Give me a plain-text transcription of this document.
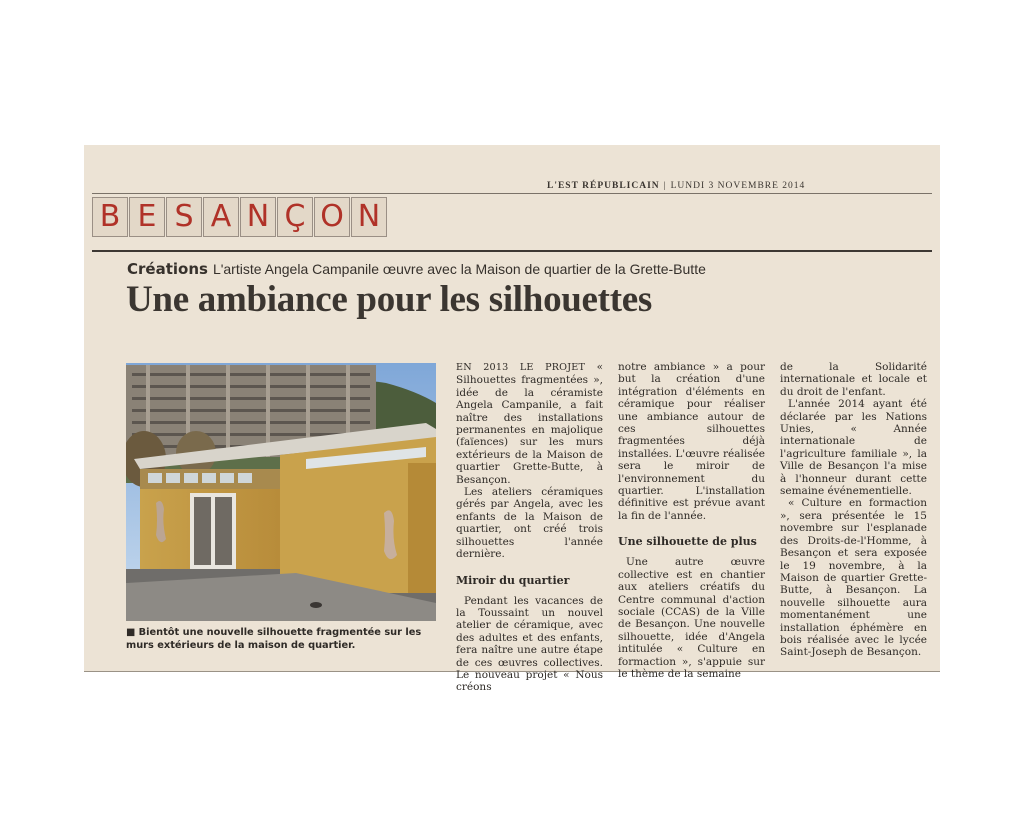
L'EST RÉPUBLICAIN | LUNDI 3 NOVEMBRE 2014
B E S A N Ç O N
Créations L'artiste Angela Campanile œuvre avec la Maison de quartier de la Grette-Butte
Une ambiance pour les silhouettes
■ Bientôt une nouvelle silhouette fragmentée sur les murs extérieurs de la maison de quartier.

EN 2013 LE PROJET « Silhouettes fragmentées », idée de la céramiste Angela Campanile, a fait naître des installations permanentes en majolique (faïences) sur les murs extérieurs de la Maison de quartier Grette-Butte, à Besançon.

Les ateliers céramiques gérés par Angela, avec les enfants de la Maison de quartier, ont créé trois silhouettes l'année dernière.

Miroir du quartier

Pendant les vacances de la Toussaint un nouvel atelier de céramique, avec des adultes et des enfants, fera naître une autre étape de ces œuvres collectives. Le nouveau projet « Nous créons

notre ambiance » a pour but la création d'une intégration d'éléments en céramique pour réaliser une ambiance autour de ces silhouettes fragmentées déjà installées. L'œuvre réalisée sera le miroir de l'environnement du quartier. L'installation définitive est prévue avant la fin de l'année.

Une silhouette de plus

Une autre œuvre collective est en chantier aux ateliers créatifs du Centre communal d'action sociale (CCAS) de la Ville de Besançon. Une nouvelle silhouette, idée d'Angela intitulée « Culture en formaction », s'appuie sur le thème de la semaine

de la Solidarité internationale et locale et du droit de l'enfant.

L'année 2014 ayant été déclarée par les Nations Unies, « Année internationale de l'agriculture familiale », la Ville de Besançon l'a mise à l'honneur durant cette semaine événementielle.

« Culture en formaction », sera présentée le 15 novembre sur l'esplanade des Droits-de-l'Homme, à Besançon et sera exposée le 19 novembre, à la Maison de quartier Grette-Butte, à Besançon. La nouvelle silhouette aura momentanément une installation éphémère en bois réalisée avec le lycée Saint-Joseph de Besançon.
